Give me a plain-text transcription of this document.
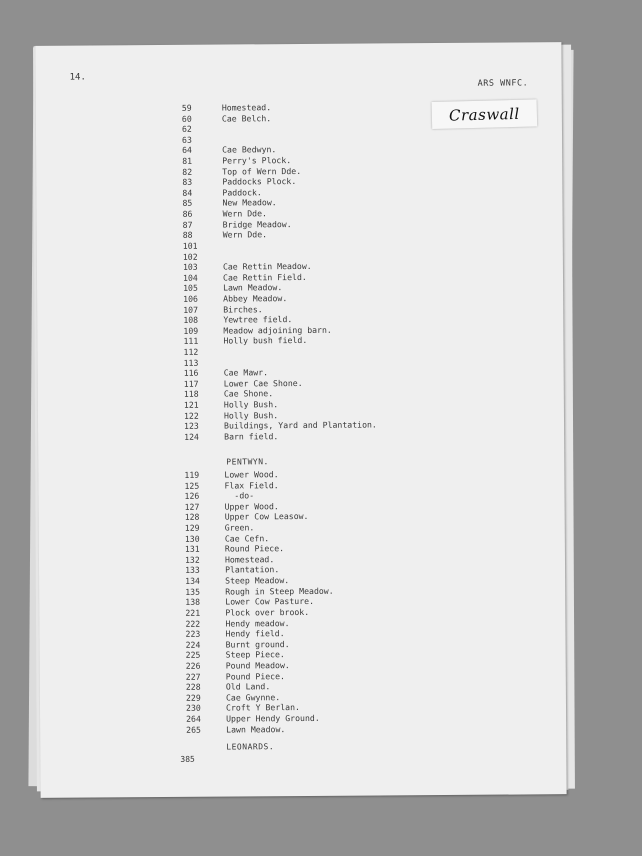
14.
ARS WNFC.
Craswall
59	Homestead.
60	Cae Belch.
62
63
64	Cae Bedwyn.
81	Perry's Plock.
82	Top of Wern Dde.
83	Paddocks Plock.
84	Paddock.
85	New Meadow.
86	Wern Dde.
87	Bridge Meadow.
88	Wern Dde.
101
102
103	Cae Rettin Meadow.
104	Cae Rettin Field.
105	Lawn Meadow.
106	Abbey Meadow.
107	Birches.
108	Yewtree field.
109	Meadow adjoining barn.
111	Holly bush field.
112
113
116	Cae Mawr.
117	Lower Cae Shone.
118	Cae Shone.
121	Holly Bush.
122	Holly Bush.
123	Buildings, Yard and Plantation.
124	Barn field.
PENTWYN.
119	Lower Wood.
125	Flax Field.
126	-do-
127	Upper Wood.
128	Upper Cow Leasow.
129	Green.
130	Cae Cefn.
131	Round Piece.
132	Homestead.
133	Plantation.
134	Steep Meadow.
135	Rough in Steep Meadow.
138	Lower Cow Pasture.
221	Plock over brook.
222	Hendy meadow.
223	Hendy field.
224	Burnt ground.
225	Steep Piece.
226	Pound Meadow.
227	Pound Piece.
228	Old Land.
229	Cae Gwynne.
230	Croft Y Berlan.
264	Upper Hendy Ground.
265	Lawn Meadow.
LEONARDS.
385
